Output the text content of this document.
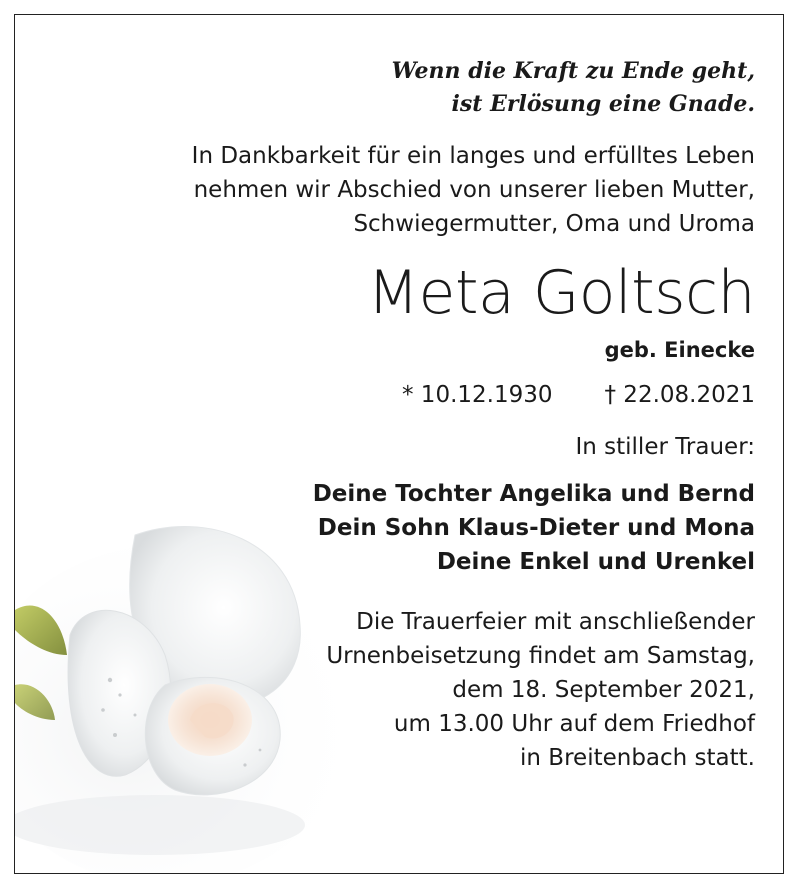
Wenn die Kraft zu Ende geht,
ist Erlösung eine Gnade.
In Dankbarkeit für ein langes und erfülltes Leben
nehmen wir Abschied von unserer lieben Mutter,
Schwiegermutter, Oma und Uroma
Meta Goltsch
geb. Einecke
* 10.12.1930 † 22.08.2021
In stiller Trauer:
Deine Tochter Angelika und Bernd
Dein Sohn Klaus-Dieter und Mona
Deine Enkel und Urenkel
Die Trauerfeier mit anschließender
Urnenbeisetzung findet am Samstag,
dem 18. September 2021,
um 13.00 Uhr auf dem Friedhof
in Breitenbach statt.
